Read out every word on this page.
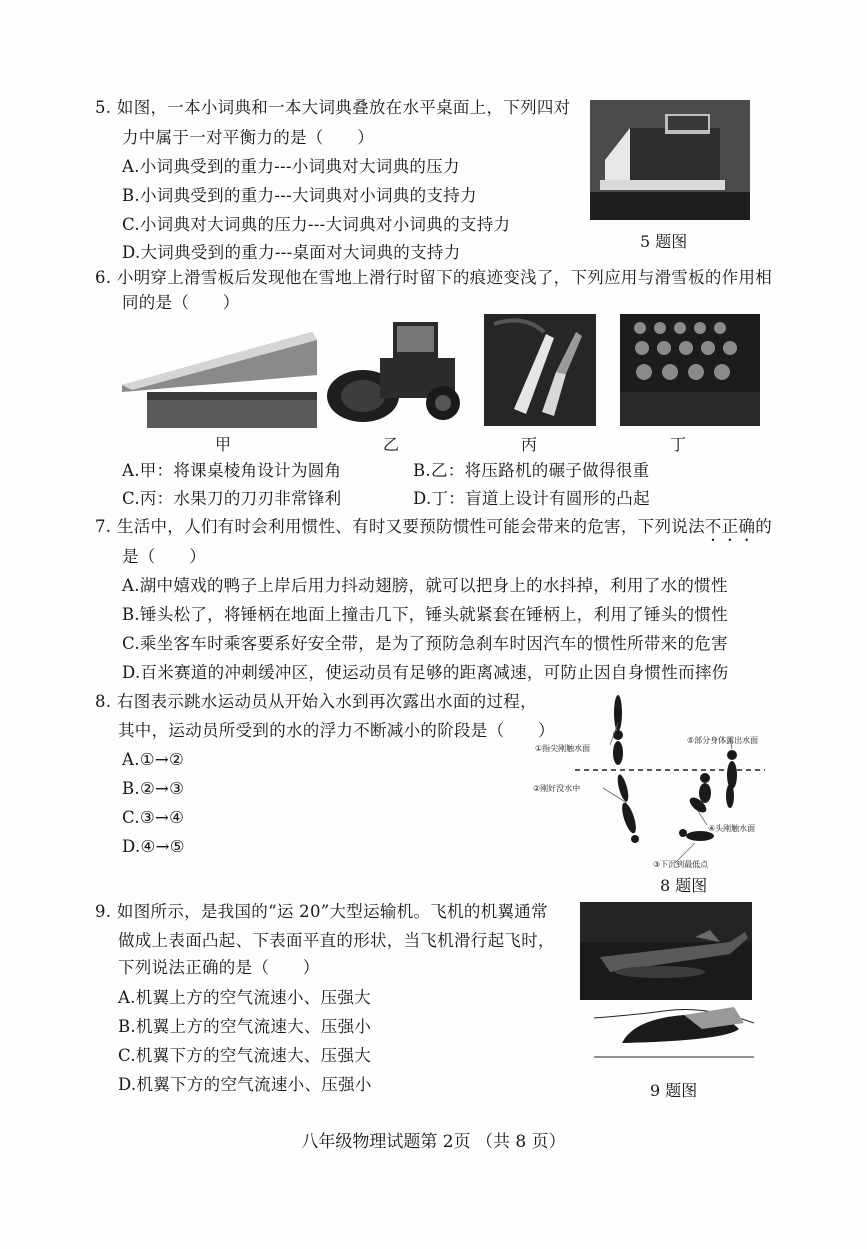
5. 如图，一本小词典和一本大词典叠放在水平桌面上，下列四对
力中属于一对平衡力的是（　　）
A.小词典受到的重力---小词典对大词典的压力
B.小词典受到的重力---大词典对小词典的支持力
C.小词典对大词典的压力---大词典对小词典的支持力
D.大词典受到的重力---桌面对大词典的支持力
5 题图
6. 小明穿上滑雪板后发现他在雪地上滑行时留下的痕迹变浅了，下列应用与滑雪板的作用相
同的是（　　）
甲	乙	丙	丁
A.甲：将课桌棱角设计为圆角	B.乙：将压路机的碾子做得很重
C.丙：水果刀的刀刃非常锋利	D.丁：盲道上设计有圆形的凸起
7. 生活中，人们有时会利用惯性、有时又要预防惯性可能会带来的危害，下列说法不正确的
是（　　）
A.湖中嬉戏的鸭子上岸后用力抖动翅膀，就可以把身上的水抖掉，利用了水的惯性
B.锤头松了，将锤柄在地面上撞击几下，锤头就紧套在锤柄上，利用了锤头的惯性
C.乘坐客车时乘客要系好安全带，是为了预防急刹车时因汽车的惯性所带来的危害
D.百米赛道的冲刺缓冲区，使运动员有足够的距离减速，可防止因自身惯性而摔伤
8. 右图表示跳水运动员从开始入水到再次露出水面的过程，
其中，运动员所受到的水的浮力不断减小的阶段是（　　）
A.①→②
B.②→③
C.③→④
D.④→⑤
①指尖刚触水面
②刚好没水中
③下沉到最低点
④头刚触水面
⑤部分身体露出水面
8 题图
9. 如图所示，是我国的“运 20”大型运输机。飞机的机翼通常
做成上表面凸起、下表面平直的形状，当飞机滑行起飞时，
下列说法正确的是（　　）
A.机翼上方的空气流速小、压强大
B.机翼上方的空气流速大、压强小
C.机翼下方的空气流速大、压强大
D.机翼下方的空气流速小、压强小	9 题图
八年级物理试题第 2页 （共 8 页）
